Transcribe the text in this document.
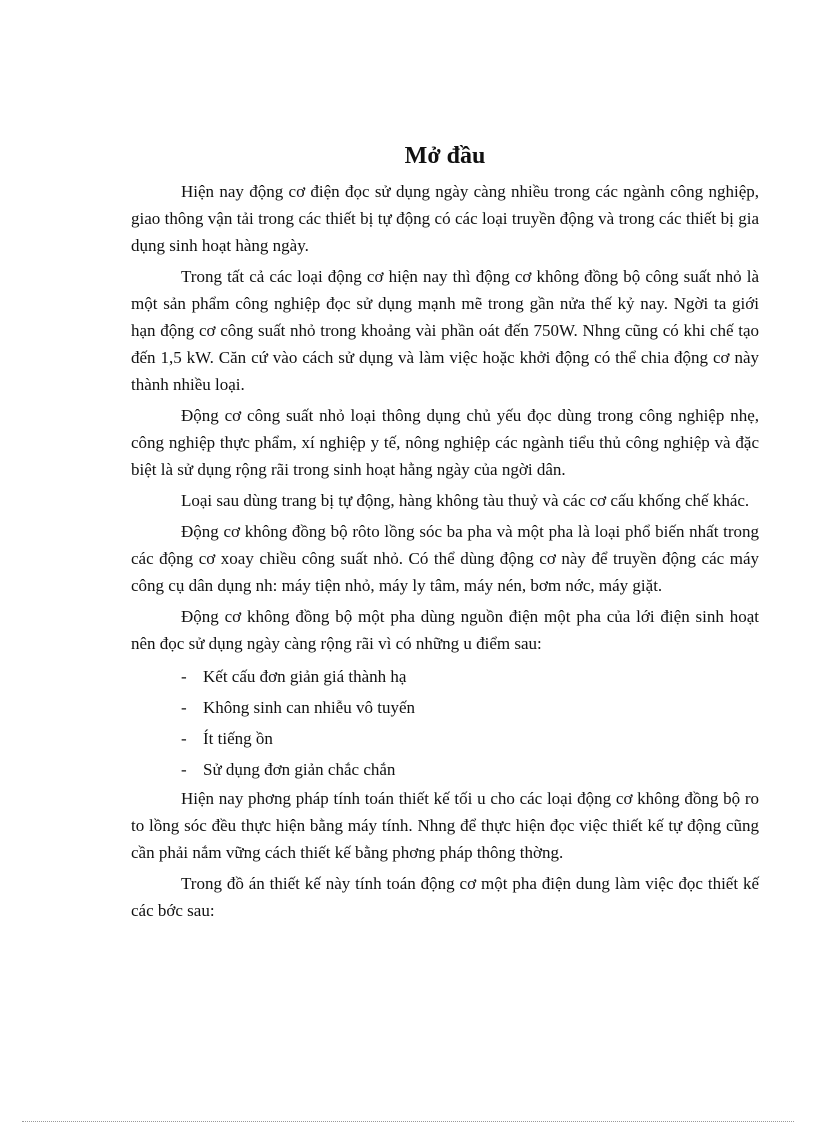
Mở đầu

Hiện nay động cơ điện đọc sử dụng ngày càng nhiều trong các ngành công nghiệp, giao thông vận tải trong các thiết bị tự động có các loại truyền động và trong các thiết bị gia dụng sinh hoạt hàng ngày.

Trong tất cả các loại động cơ hiện nay thì động cơ không đồng bộ công suất nhỏ là một sản phẩm công nghiệp đọc sử dụng mạnh mẽ trong gần nửa thế kỷ nay. Ngời ta giới hạn động cơ công suất nhỏ trong khoảng vài phần oát đến 750W. Nhng cũng có khi chế tạo đến 1,5 kW. Căn cứ vào cách sử dụng và làm việc hoặc khởi động có thể chia động cơ này thành nhiều loại.

Động cơ công suất nhỏ loại thông dụng chủ yếu đọc dùng trong công nghiệp nhẹ, công nghiệp thực phẩm, xí nghiệp y tế, nông nghiệp các ngành tiểu thủ công nghiệp và đặc biệt là sử dụng rộng rãi trong sinh hoạt hằng ngày của ngời dân.

Loại sau dùng trang bị tự động, hàng không tàu thuỷ và các cơ cấu khống chế khác.

Động cơ không đồng bộ rôto lồng sóc ba pha và một pha là loại phổ biến nhất trong các động cơ xoay chiều công suất nhỏ. Có thể dùng động cơ này để truyền động các máy công cụ dân dụng nh: máy tiện nhỏ, máy ly tâm, máy nén, bơm nớc, máy giặt.

Động cơ không đồng bộ một pha dùng nguồn điện một pha của lới điện sinh hoạt nên đọc sử dụng ngày càng rộng rãi vì có những u điểm sau:

- Kết cấu đơn giản giá thành hạ
- Không sinh can nhiễu vô tuyến
- Ít tiếng ồn
- Sử dụng đơn giản chắc chắn

Hiện nay phơng pháp tính toán thiết kế tối u cho các loại động cơ không đồng bộ ro to lồng sóc đều thực hiện bằng máy tính. Nhng để thực hiện đọc việc thiết kế tự động cũng cần phải nắm vững cách thiết kế bằng phơng pháp thông thờng.

Trong đồ án thiết kế này tính toán động cơ một pha điện dung làm việc đọc thiết kế các bớc sau:
